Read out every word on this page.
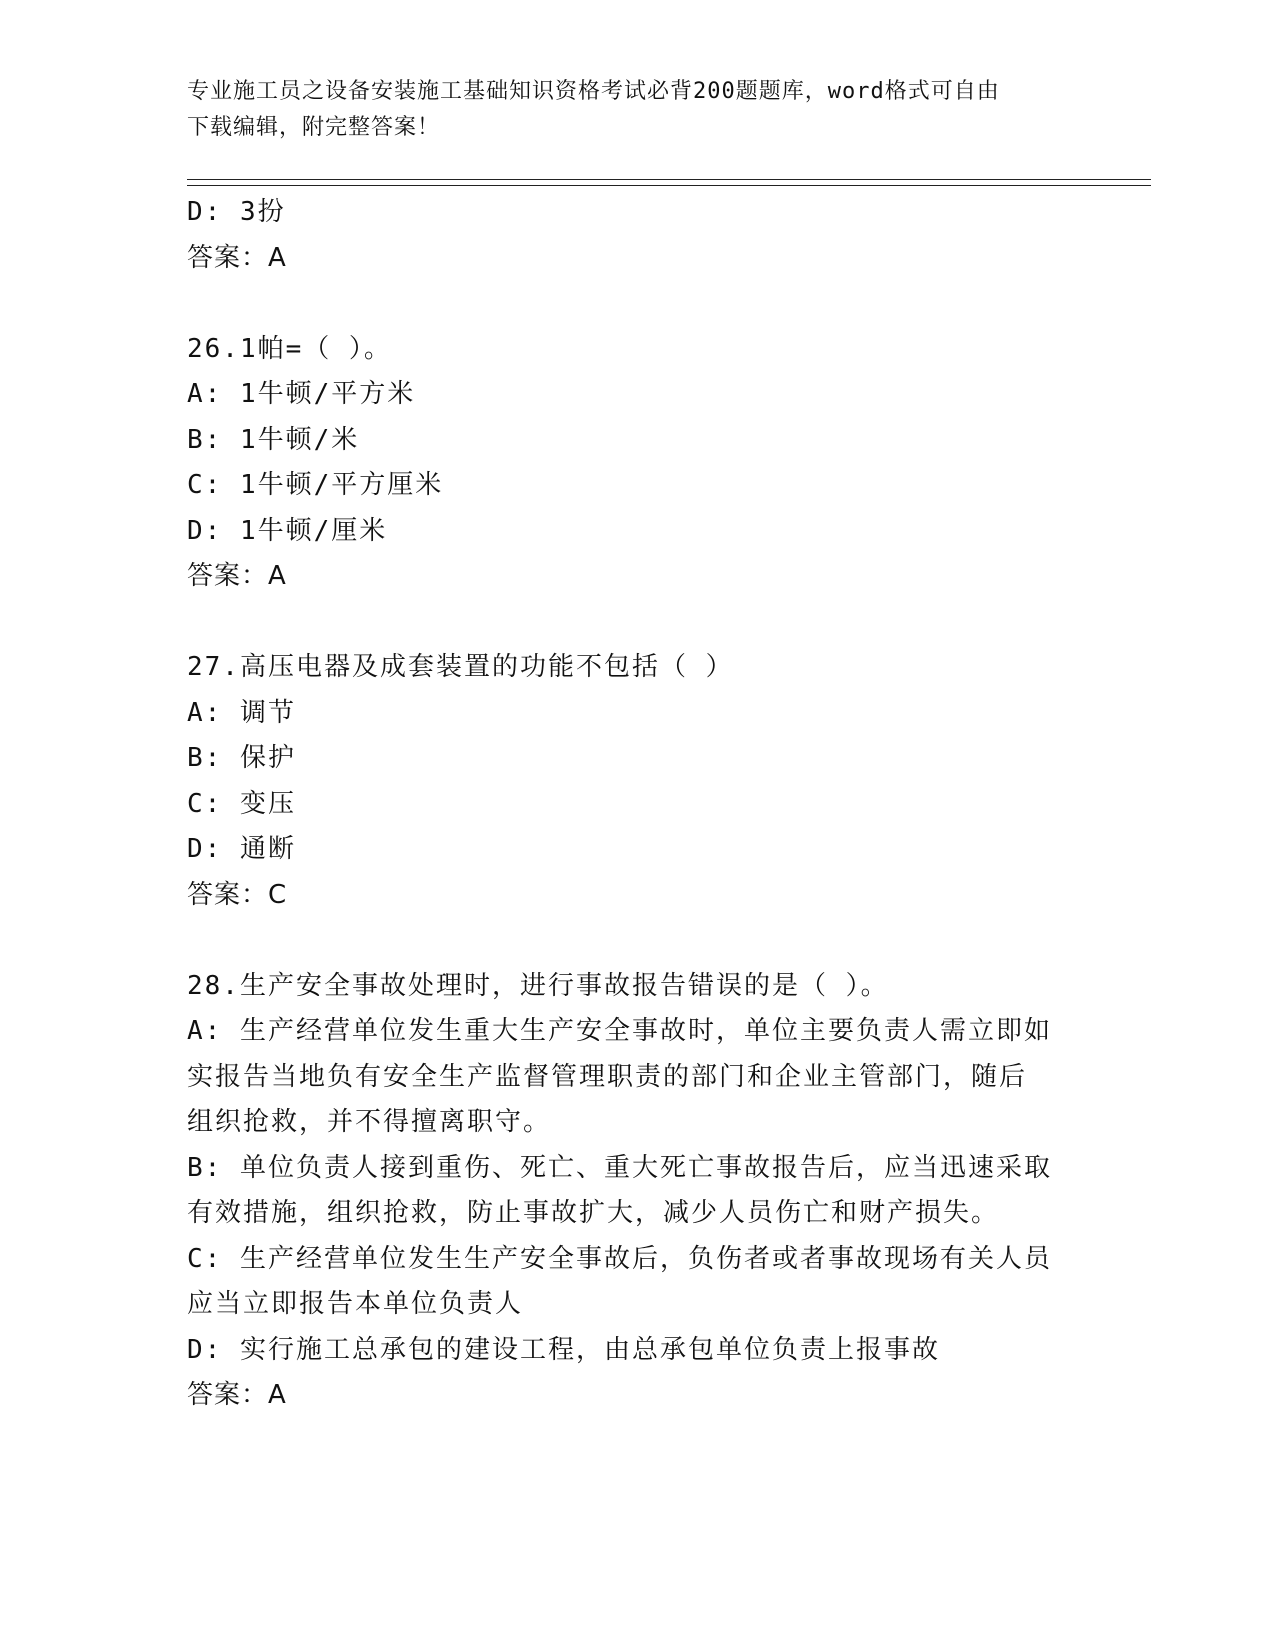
专业施工员之设备安装施工基础知识资格考试必背200题题库，word格式可自由
下载编辑，附完整答案！
D: 3扮
答案：A
26.1帕=（ ）。
A: 1牛顿/平方米
B: 1牛顿/米
C: 1牛顿/平方厘米
D: 1牛顿/厘米
答案：A
27.高压电器及成套装置的功能不包括（ ）
A: 调节
B: 保护
C: 变压
D: 通断
答案：C
28.生产安全事故处理时，进行事故报告错误的是（ ）。
A: 生产经营单位发生重大生产安全事故时，单位主要负责人需立即如
实报告当地负有安全生产监督管理职责的部门和企业主管部门，随后
组织抢救，并不得擅离职守。
B: 单位负责人接到重伤、死亡、重大死亡事故报告后，应当迅速采取
有效措施，组织抢救，防止事故扩大，减少人员伤亡和财产损失。
C: 生产经营单位发生生产安全事故后，负伤者或者事故现场有关人员
应当立即报告本单位负责人
D: 实行施工总承包的建设工程，由总承包单位负责上报事故
答案：A
